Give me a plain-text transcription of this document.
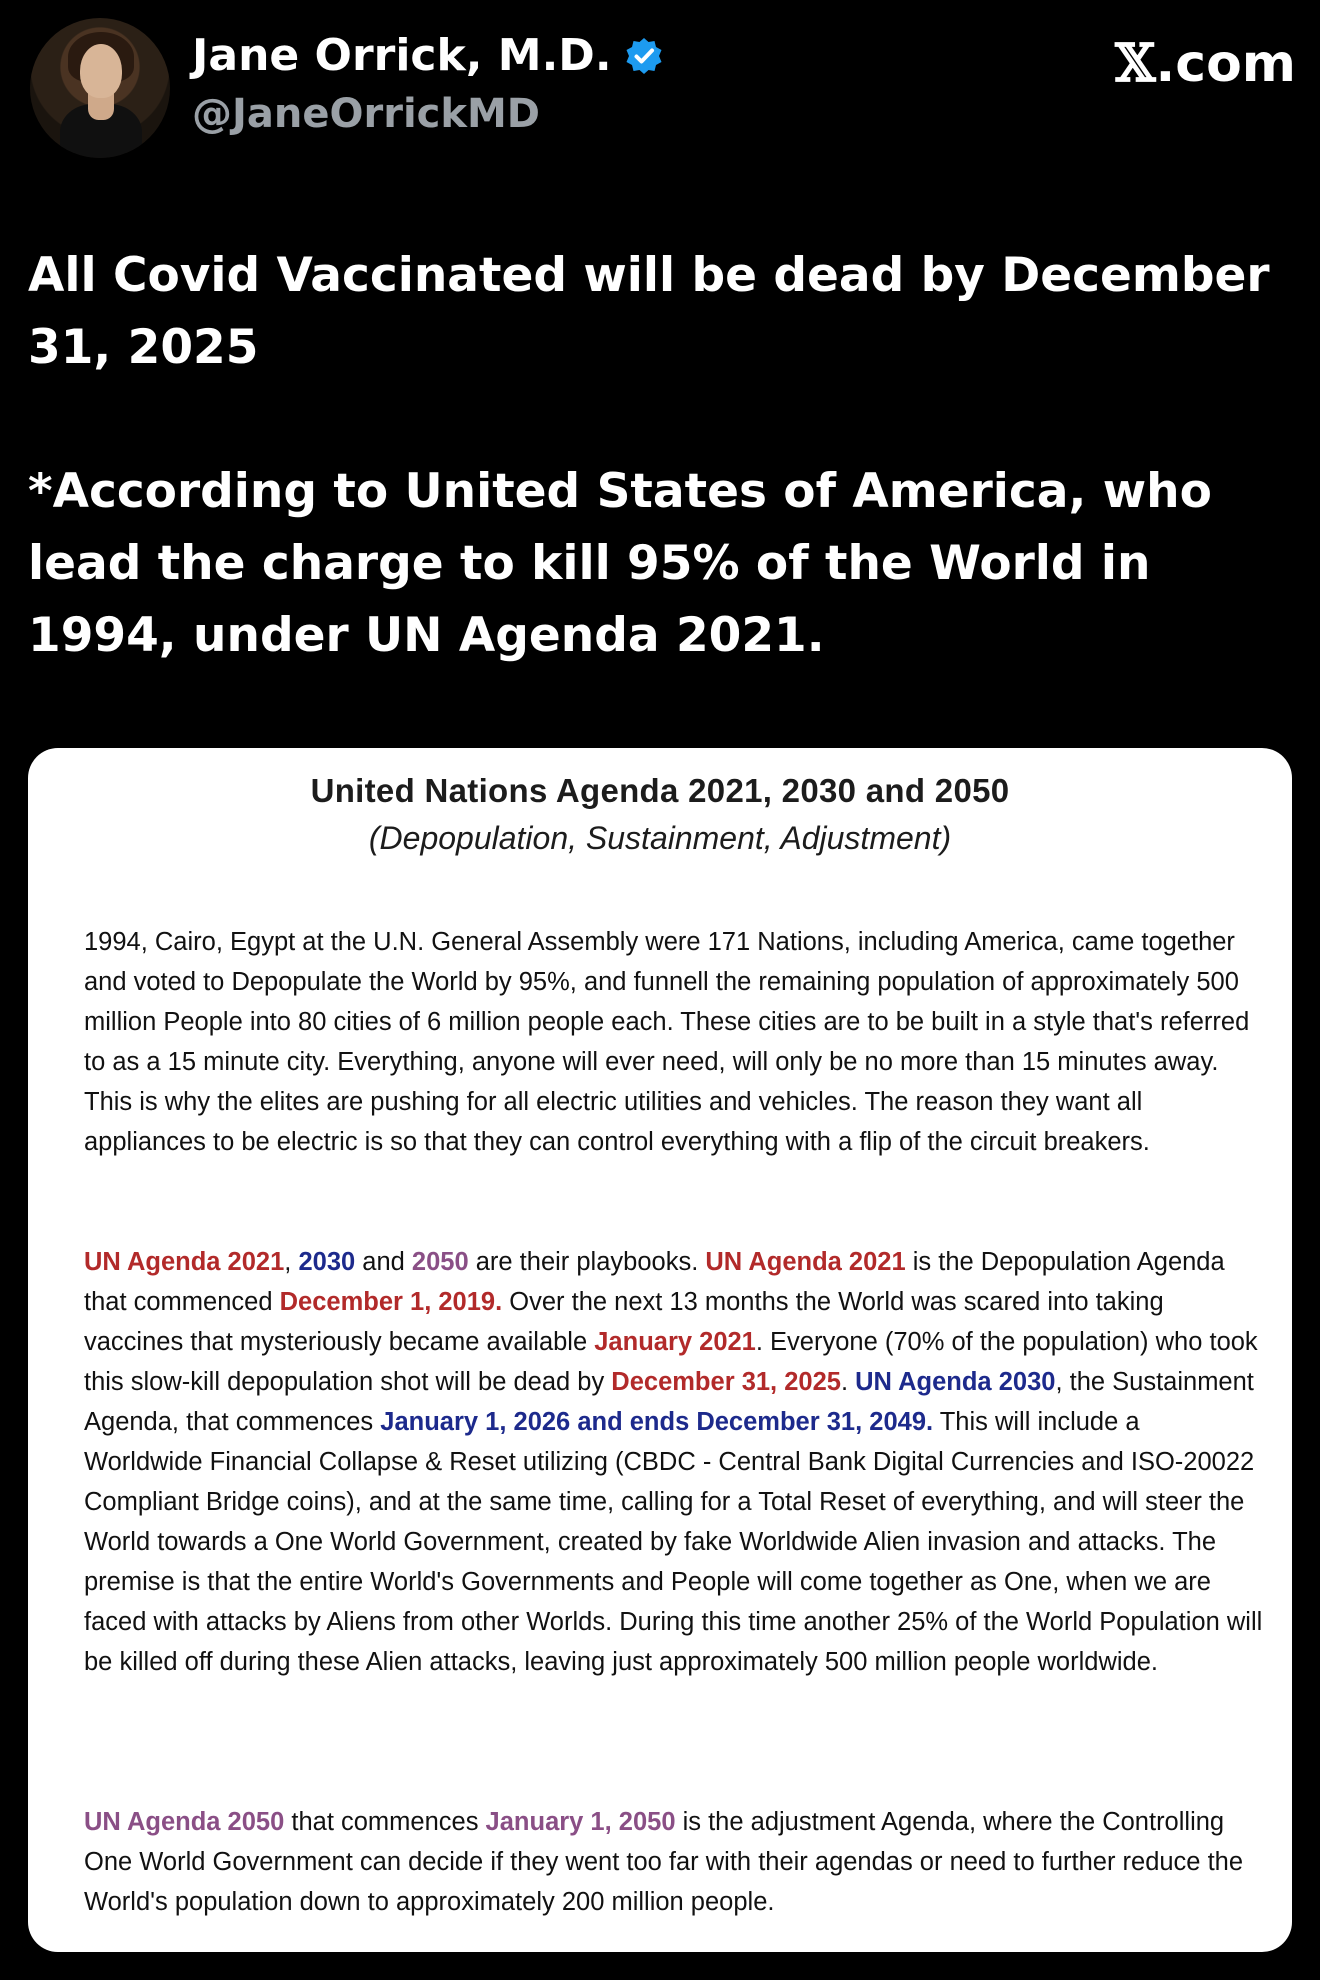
Jane Orrick, M.D.
@JaneOrrickMD
𝕏.com

All Covid Vaccinated will be dead by December 31, 2025

*According to United States of America, who lead the charge to kill 95% of the World in 1994, under UN Agenda 2021.

United Nations Agenda 2021, 2030 and 2050
(Depopulation, Sustainment, Adjustment)
1994, Cairo, Egypt at the U.N. General Assembly were 171 Nations, including America, came together and voted to Depopulate the World by 95%, and funnell the remaining population of approximately 500 million People into 80 cities of 6 million people each. These cities are to be built in a style that's referred to as a 15 minute city. Everything, anyone will ever need, will only be no more than 15 minutes away. This is why the elites are pushing for all electric utilities and vehicles. The reason they want all appliances to be electric is so that they can control everything with a flip of the circuit breakers.
UN Agenda 2021, 2030 and 2050 are their playbooks. UN Agenda 2021 is the Depopulation Agenda that commenced December 1, 2019. Over the next 13 months the World was scared into taking vaccines that mysteriously became available January 2021. Everyone (70% of the population) who took this slow-kill depopulation shot will be dead by December 31, 2025. UN Agenda 2030, the Sustainment Agenda, that commences January 1, 2026 and ends December 31, 2049. This will include a Worldwide Financial Collapse & Reset utilizing (CBDC - Central Bank Digital Currencies and ISO-20022 Compliant Bridge coins), and at the same time, calling for a Total Reset of everything, and will steer the World towards a One World Government, created by fake Worldwide Alien invasion and attacks. The premise is that the entire World's Governments and People will come together as One, when we are faced with attacks by Aliens from other Worlds. During this time another 25% of the World Population will be killed off during these Alien attacks, leaving just approximately 500 million people worldwide.
UN Agenda 2050 that commences January 1, 2050 is the adjustment Agenda, where the Controlling One World Government can decide if they went too far with their agendas or need to further reduce the World's population down to approximately 200 million people.
